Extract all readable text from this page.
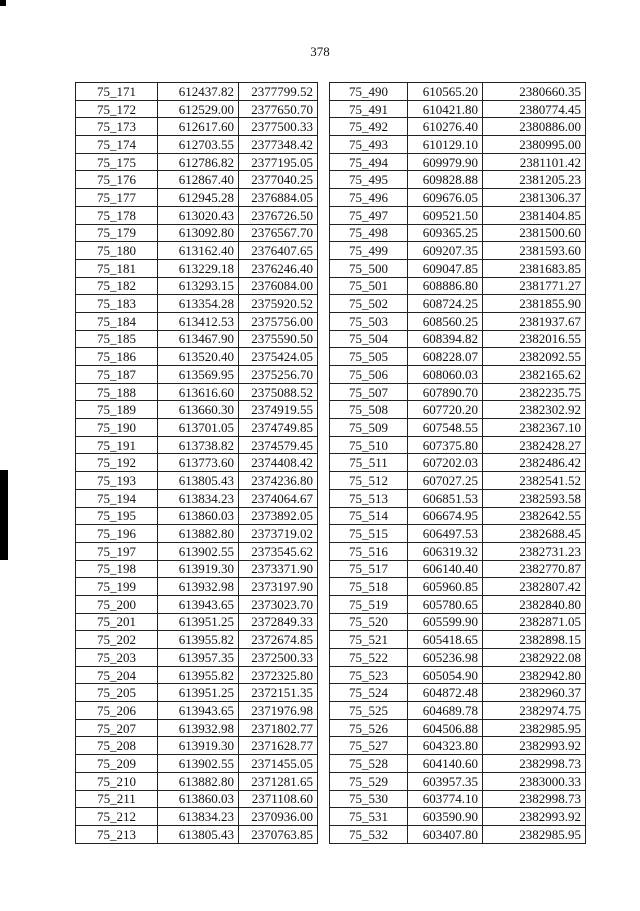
378
75_171	612437.82	2377799.52		75_490	610565.20	2380660.35
75_172	612529.00	2377650.70		75_491	610421.80	2380774.45
75_173	612617.60	2377500.33		75_492	610276.40	2380886.00
75_174	612703.55	2377348.42		75_493	610129.10	2380995.00
75_175	612786.82	2377195.05		75_494	609979.90	2381101.42
75_176	612867.40	2377040.25		75_495	609828.88	2381205.23
75_177	612945.28	2376884.05		75_496	609676.05	2381306.37
75_178	613020.43	2376726.50		75_497	609521.50	2381404.85
75_179	613092.80	2376567.70		75_498	609365.25	2381500.60
75_180	613162.40	2376407.65		75_499	609207.35	2381593.60
75_181	613229.18	2376246.40		75_500	609047.85	2381683.85
75_182	613293.15	2376084.00		75_501	608886.80	2381771.27
75_183	613354.28	2375920.52		75_502	608724.25	2381855.90
75_184	613412.53	2375756.00		75_503	608560.25	2381937.67
75_185	613467.90	2375590.50		75_504	608394.82	2382016.55
75_186	613520.40	2375424.05		75_505	608228.07	2382092.55
75_187	613569.95	2375256.70		75_506	608060.03	2382165.62
75_188	613616.60	2375088.52		75_507	607890.70	2382235.75
75_189	613660.30	2374919.55		75_508	607720.20	2382302.92
75_190	613701.05	2374749.85		75_509	607548.55	2382367.10
75_191	613738.82	2374579.45		75_510	607375.80	2382428.27
75_192	613773.60	2374408.42		75_511	607202.03	2382486.42
75_193	613805.43	2374236.80		75_512	607027.25	2382541.52
75_194	613834.23	2374064.67		75_513	606851.53	2382593.58
75_195	613860.03	2373892.05		75_514	606674.95	2382642.55
75_196	613882.80	2373719.02		75_515	606497.53	2382688.45
75_197	613902.55	2373545.62		75_516	606319.32	2382731.23
75_198	613919.30	2373371.90		75_517	606140.40	2382770.87
75_199	613932.98	2373197.90		75_518	605960.85	2382807.42
75_200	613943.65	2373023.70		75_519	605780.65	2382840.80
75_201	613951.25	2372849.33		75_520	605599.90	2382871.05
75_202	613955.82	2372674.85		75_521	605418.65	2382898.15
75_203	613957.35	2372500.33		75_522	605236.98	2382922.08
75_204	613955.82	2372325.80		75_523	605054.90	2382942.80
75_205	613951.25	2372151.35		75_524	604872.48	2382960.37
75_206	613943.65	2371976.98		75_525	604689.78	2382974.75
75_207	613932.98	2371802.77		75_526	604506.88	2382985.95
75_208	613919.30	2371628.77		75_527	604323.80	2382993.92
75_209	613902.55	2371455.05		75_528	604140.60	2382998.73
75_210	613882.80	2371281.65		75_529	603957.35	2383000.33
75_211	613860.03	2371108.60		75_530	603774.10	2382998.73
75_212	613834.23	2370936.00		75_531	603590.90	2382993.92
75_213	613805.43	2370763.85		75_532	603407.80	2382985.95
